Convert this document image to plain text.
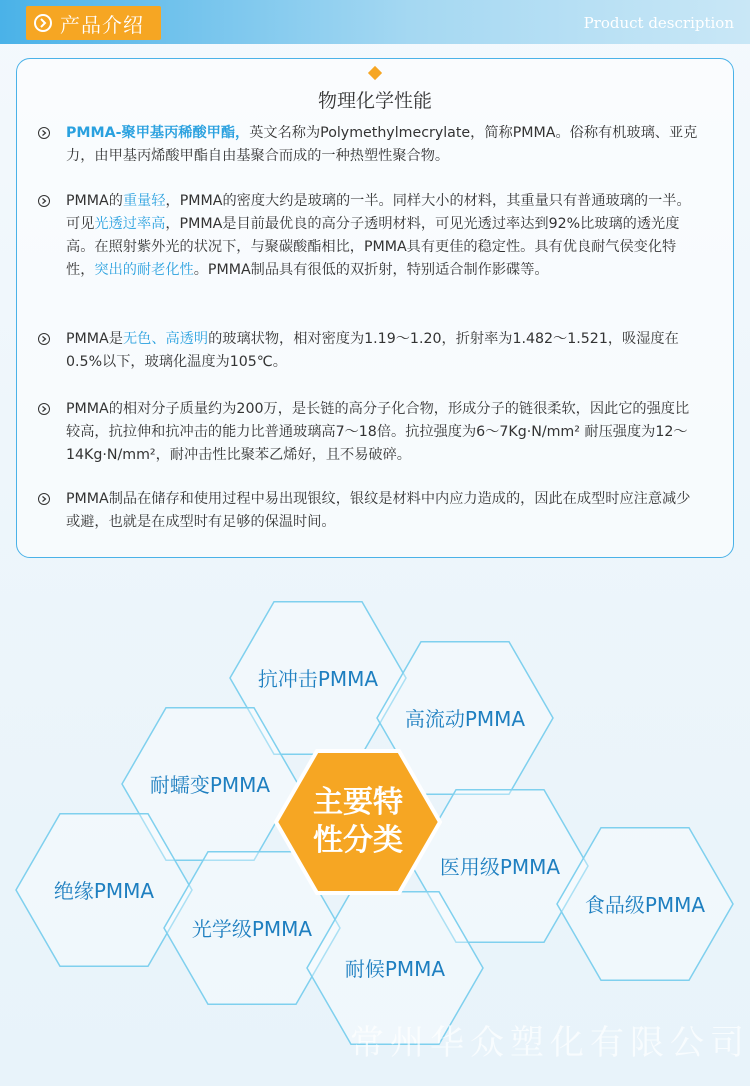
产品介绍	Product description
物理化学性能
PMMA-聚甲基丙稀酸甲酯，英文名称为Polymethylmecrylate，简称PMMA。俗称有机玻璃、亚克力，由甲基丙烯酸甲酯自由基聚合而成的一种热塑性聚合物。
PMMA的重量轻，PMMA的密度大约是玻璃的一半。同样大小的材料，其重量只有普通玻璃的一半。可见光透过率高，PMMA是目前最优良的高分子透明材料，可见光透过率达到92%比玻璃的透光度高。在照射紫外光的状况下，与聚碳酸酯相比，PMMA具有更佳的稳定性。具有优良耐气侯变化特性，突出的耐老化性。PMMA制品具有很低的双折射，特别适合制作影碟等。
PMMA是无色、高透明的玻璃状物，相对密度为1.19～1.20，折射率为1.482～1.521，吸湿度在0.5%以下，玻璃化温度为105℃。
PMMA的相对分子质量约为200万，是长链的高分子化合物，形成分子的链很柔软，因此它的强度比较高，抗拉伸和抗冲击的能力比普通玻璃高7～18倍。抗拉强度为6～7Kg·N/mm² 耐压强度为12～14Kg·N/mm²，耐冲击性比聚苯乙烯好，且不易破碎。
PMMA制品在储存和使用过程中易出现银纹，银纹是材料中内应力造成的，因此在成型时应注意减少或避，也就是在成型时有足够的保温时间。
抗冲击PMMA
高流动PMMA
耐蠕变PMMA
医用级PMMA
绝缘PMMA
食品级PMMA
光学级PMMA
耐候PMMA
主要特
性分类
常州华众塑化有限公司
